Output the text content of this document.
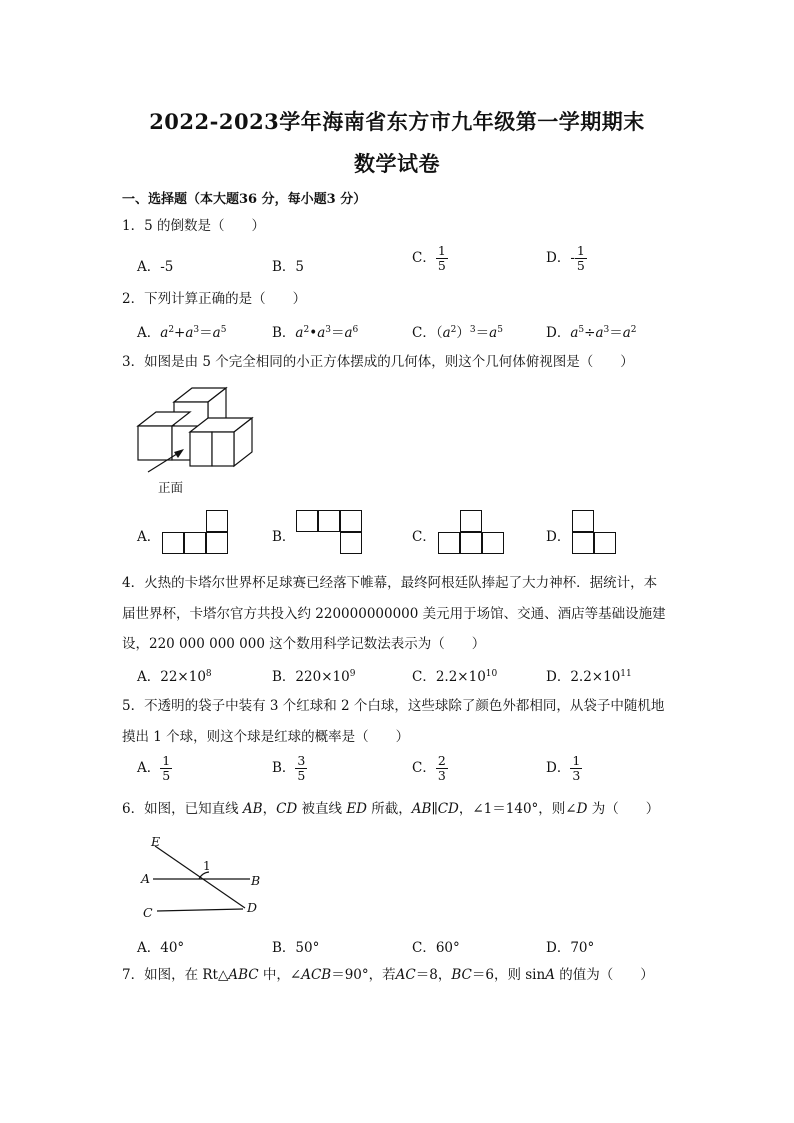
2022-2023学年海南省东方市九年级第一学期期末
数学试卷
一、选择题（本大题36 分，每小题3 分）
1．5 的倒数是（　　）
A．-5	B．5
C． $\frac{1}{5}$	D．- $\frac{1}{5}$
2．下列计算正确的是（　　）
A．$a^2+a^3=a^5$	B．$a^2•a^3=a^6$	C．$(a^2)^3=a^5$	D．$a^5\div a^3=a^2$
3．如图是由 5 个完全相同的小正方体摆成的几何体，则这个几何体俯视图是（　　）
正面
A．	B．	C．	D．
4．火热的卡塔尔世界杯足球赛已经落下帷幕，最终阿根廷队捧起了大力神杯．据统计，本
届世界杯，卡塔尔官方共投入约 220000000000 美元用于场馆、交通、酒店等基础设施建
设，220 000 000 000 这个数用科学记数法表示为（　　）
A．$22\times 10^8$	B．$220\times 10^9$	C．$2.2\times 10^{10}$	D．$2.2\times 10^{11}$
5．不透明的袋子中装有 3 个红球和 2 个白球，这些球除了颜色外都相同，从袋子中随机地
摸出 1 个球，则这个球是红球的概率是（　　）
A． $\frac{1}{5}$	B． $\frac{3}{5}$	C． $\frac{2}{3}$	D． $\frac{1}{3}$
6．如图，已知直线 AB，CD 被直线 ED 所截，AB∥CD，∠1＝140°，则∠D 为（　　）
E
A	B
C	D
1
A．40°	B．50°	C．60°	D．70°
7．如图，在 Rt△ABC 中，∠ACB＝90°，若AC＝8，BC＝6，则 sinA 的值为（　　）
